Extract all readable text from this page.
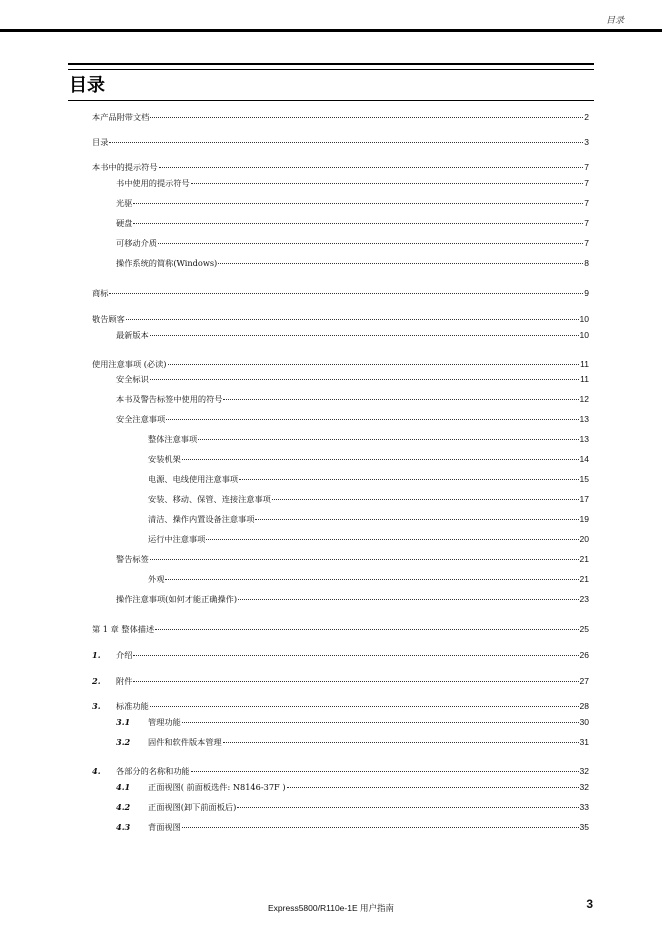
目录
目录
本产品附带文档	2
目录	3
本书中的提示符号	7
书中使用的提示符号	7
光驱	7
硬盘	7
可移动介质	7
操作系统的简称(Windows)	8
商标	9
敬告顾客	10
最新版本	10
使用注意事项 (必读)	11
安全标识	11
本书及警告标签中使用的符号	12
安全注意事项	13
整体注意事项	13
安装机架	14
电源、电线使用注意事项	15
安装、移动、保管、连接注意事项	17
清洁、操作内置设备注意事项	19
运行中注意事项	20
警告标签	21
外观	21
操作注意事项(如何才能正确操作)	23
第 1 章 整体描述	25
1.	介绍	26
2.	附件	27
3.	标准功能	28
3.1	管理功能	30
3.2	固件和软件版本管理	31
4.	各部分的名称和功能	32
4.1	正面视图( 前面板选件: N8146-37F )	32
4.2	正面视图(卸下前面板后)	33
4.3	背面视图	35
Express5800/R110e-1E 用户指南	3
